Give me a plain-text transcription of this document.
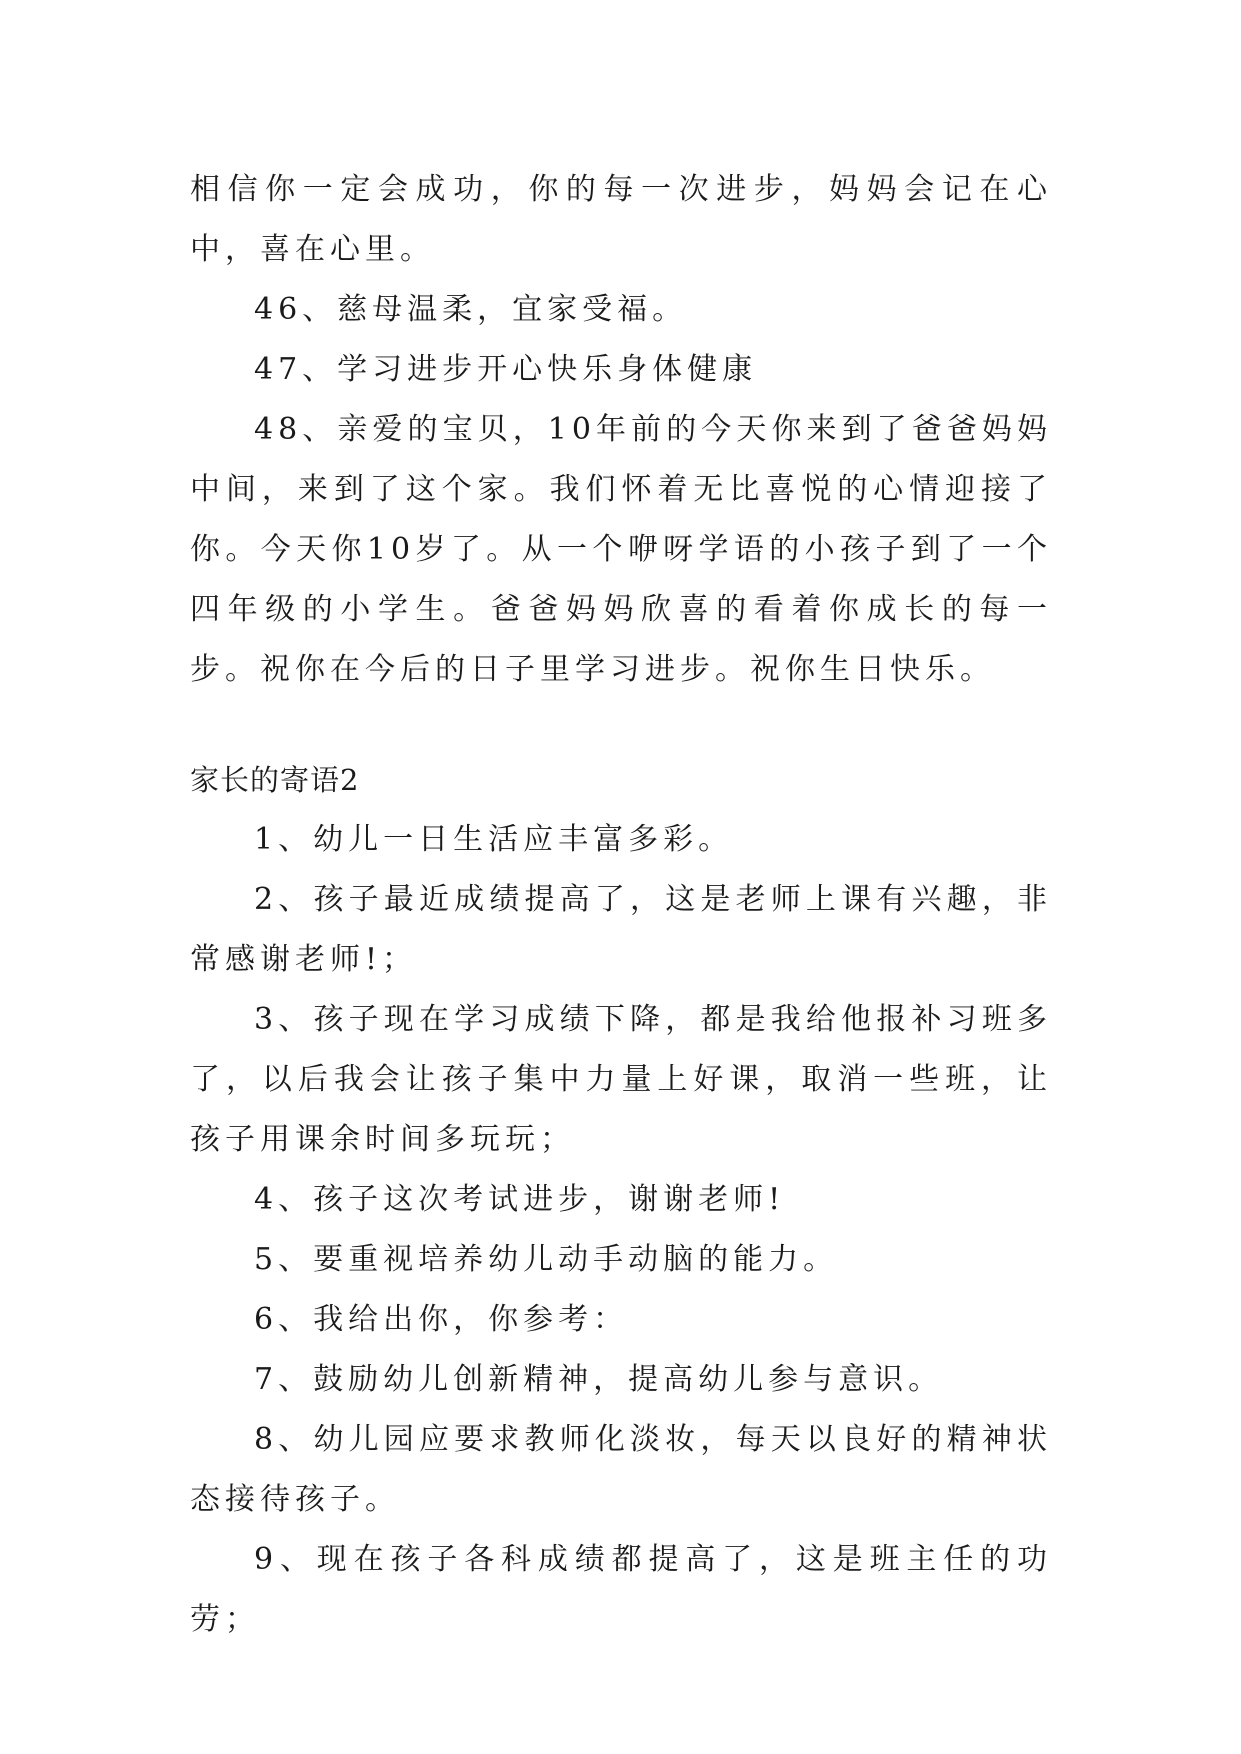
相信你一定会成功，你的每一次进步，妈妈会记在心中，喜在心里。

46、慈母温柔，宜家受福。

47、学习进步开心快乐身体健康

48、亲爱的宝贝，10年前的今天你来到了爸爸妈妈中间，来到了这个家。我们怀着无比喜悦的心情迎接了你。今天你10岁了。从一个咿呀学语的小孩子到了一个四年级的小学生。爸爸妈妈欣喜的看着你成长的每一步。祝你在今后的日子里学习进步。祝你生日快乐。

家长的寄语2

1、幼儿一日生活应丰富多彩。

2、孩子最近成绩提高了，这是老师上课有兴趣，非常感谢老师!；

3、孩子现在学习成绩下降，都是我给他报补习班多了，以后我会让孩子集中力量上好课，取消一些班，让孩子用课余时间多玩玩；

4、孩子这次考试进步，谢谢老师!

5、要重视培养幼儿动手动脑的能力。

6、我给出你，你参考：

7、鼓励幼儿创新精神，提高幼儿参与意识。

8、幼儿园应要求教师化淡妆，每天以良好的精神状态接待孩子。

9、现在孩子各科成绩都提高了，这是班主任的功劳；
